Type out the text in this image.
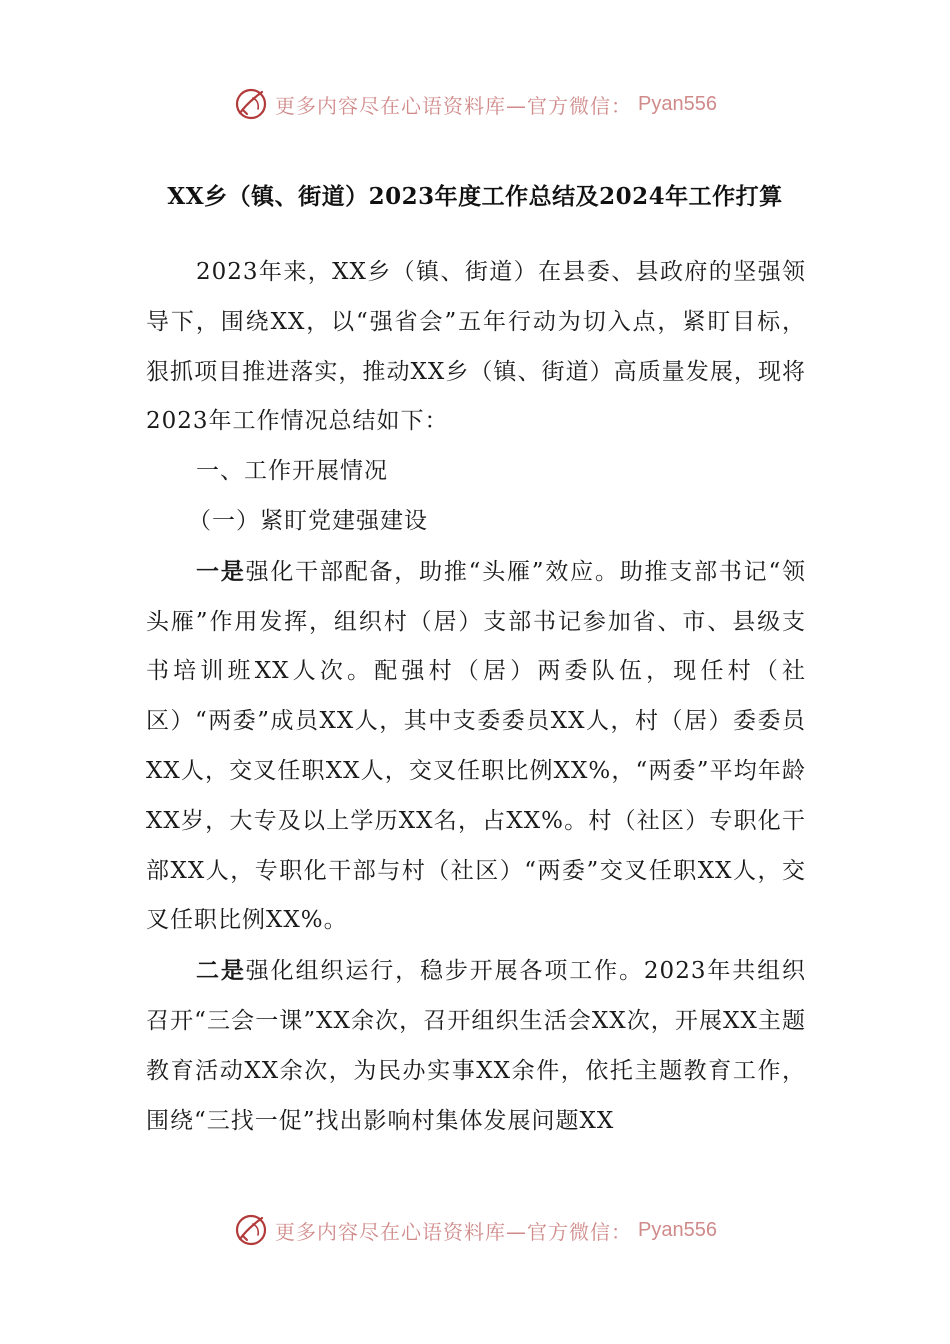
更多内容尽在心语资料库—官方微信： Pyan556
XX乡（镇、街道）2023年度工作总结及2024年工作打算

2023年来，XX乡（镇、街道）在县委、县政府的坚强领导下，围绕XX，以“强省会”五年行动为切入点，紧盯目标，狠抓项目推进落实，推动XX乡（镇、街道）高质量发展，现将2023年工作情况总结如下：

一、工作开展情况

（一）紧盯党建强建设

一是强化干部配备，助推“头雁”效应。助推支部书记“领头雁”作用发挥，组织村（居）支部书记参加省、市、县级支书培训班XX人次。配强村（居）两委队伍，现任村（社区）“两委”成员XX人，其中支委委员XX人，村（居）委委员XX人，交叉任职XX人，交叉任职比例XX%，“两委”平均年龄XX岁，大专及以上学历XX名，占XX%。村（社区）专职化干部XX人，专职化干部与村（社区）“两委”交叉任职XX人，交叉任职比例XX%。

二是强化组织运行，稳步开展各项工作。2023年共组织召开“三会一课”XX余次，召开组织生活会XX次，开展XX主题教育活动XX余次，为民办实事XX余件，依托主题教育工作，围绕“三找一促”找出影响村集体发展问题XX

更多内容尽在心语资料库—官方微信： Pyan556
